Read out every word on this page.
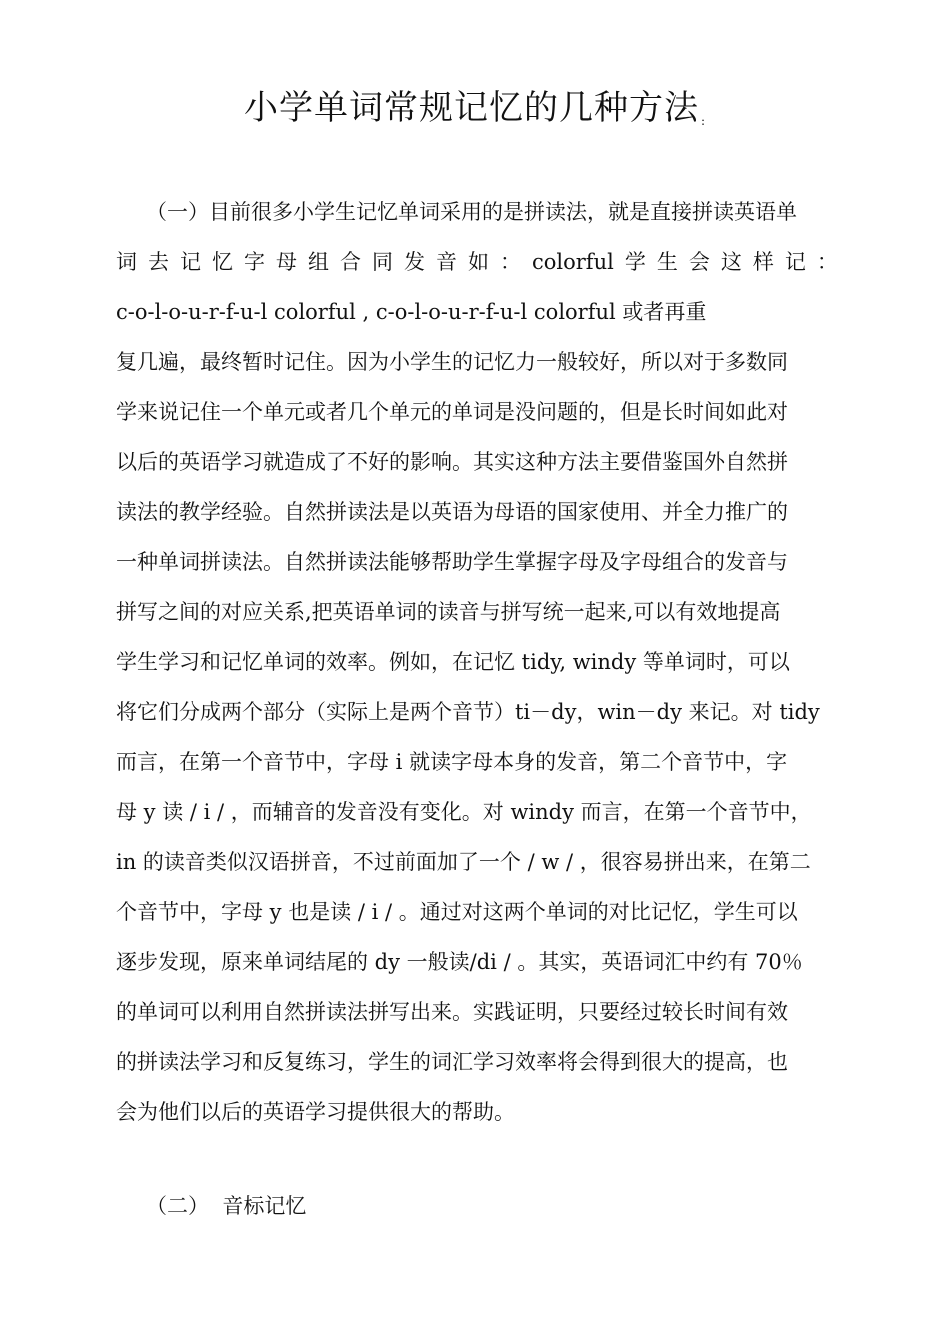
小学单词常规记忆的几种方法 :
（一）目前很多小学生记忆单词采用的是拼读法，就是直接拼读英语单
词 去 记 忆 字 母 组 合 同 发 音 如 ： colorful 学 生 会 这 样 记 ：
c-o-l-o-u-r-f-u-l colorful , c-o-l-o-u-r-f-u-l colorful 或者再重
复几遍，最终暂时记住。因为小学生的记忆力一般较好，所以对于多数同
学来说记住一个单元或者几个单元的单词是没问题的，但是长时间如此对
以后的英语学习就造成了不好的影响。其实这种方法主要借鉴国外自然拼
读法的教学经验。自然拼读法是以英语为母语的国家使用、并全力推广的
一种单词拼读法。自然拼读法能够帮助学生掌握字母及字母组合的发音与
拼写之间的对应关系,把英语单词的读音与拼写统一起来,可以有效地提高
学生学习和记忆单词的效率。例如，在记忆 tidy, windy 等单词时，可以
将它们分成两个部分（实际上是两个音节）ti－dy，win－dy 来记。对 tidy
而言，在第一个音节中，字母 i 就读字母本身的发音，第二个音节中，字
母 y 读 / i / ，而辅音的发音没有变化。对 windy 而言，在第一个音节中，
in 的读音类似汉语拼音，不过前面加了一个 / w / ，很容易拼出来，在第二
个音节中，字母 y 也是读 / i / 。通过对这两个单词的对比记忆，学生可以
逐步发现，原来单词结尾的 dy 一般读/di / 。其实，英语词汇中约有 70％
的单词可以利用自然拼读法拼写出来。实践证明，只要经过较长时间有效
的拼读法学习和反复练习，学生的词汇学习效率将会得到很大的提高，也
会为他们以后的英语学习提供很大的帮助。
（二）  音标记忆
